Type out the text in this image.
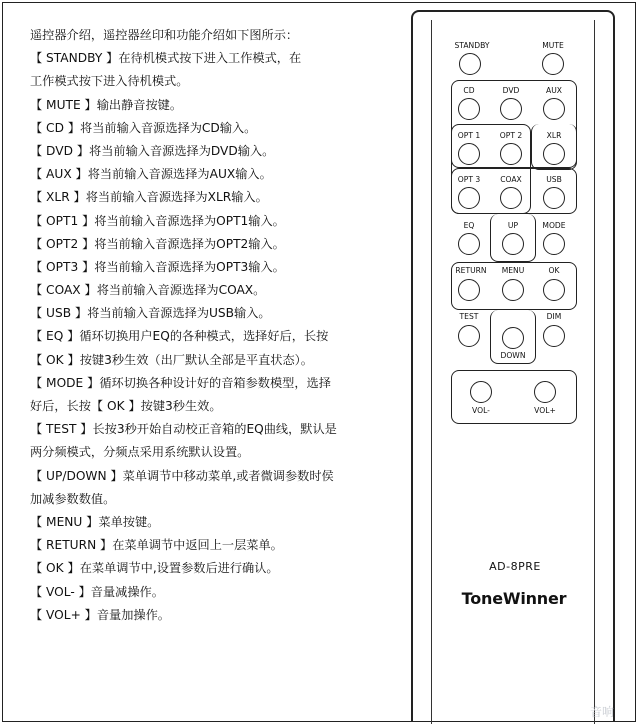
遥控器介绍，遥控器丝印和功能介绍如下图所示：
【 STANDBY 】在待机模式按下进入工作模式，在
工作模式按下进入待机模式。
【 MUTE 】输出静音按键。
【 CD 】将当前输入音源选择为CD输入。
【 DVD 】将当前输入音源选择为DVD输入。
【 AUX 】将当前输入音源选择为AUX输入。
【 XLR 】将当前输入音源选择为XLR输入。
【 OPT1 】将当前输入音源选择为OPT1输入。
【 OPT2 】将当前输入音源选择为OPT2输入。
【 OPT3 】将当前输入音源选择为OPT3输入。
【 COAX 】将当前输入音源选择为COAX。
【 USB 】将当前输入音源选择为USB输入。
【 EQ 】循环切换用户EQ的各种模式，选择好后，长按
【 OK 】按键3秒生效（出厂默认全部是平直状态）。
【 MODE 】循环切换各种设计好的音箱参数模型，选择
好后，长按【 OK 】按键3秒生效。
【 TEST 】长按3秒开始自动校正音箱的EQ曲线，默认是
两分频模式，分频点采用系统默认设置。
【 UP/DOWN 】菜单调节中移动菜单,或者微调参数时侯
加减参数数值。
【 MENU 】菜单按键。
【 RETURN 】在菜单调节中返回上一层菜单。
【 OK 】在菜单调节中,设置参数后进行确认。
【 VOL- 】音量减操作。
【 VOL+ 】音量加操作。
STANDBY	MUTE
CD	DVD	AUX
OPT 1	OPT 2	XLR
OPT 3	COAX	USB
EQ	UP	MODE
RETURN	MENU	OK
TEST
DOWN
DIM
VOL-	VOL+
AD-8PRE
ToneWinner
音响
